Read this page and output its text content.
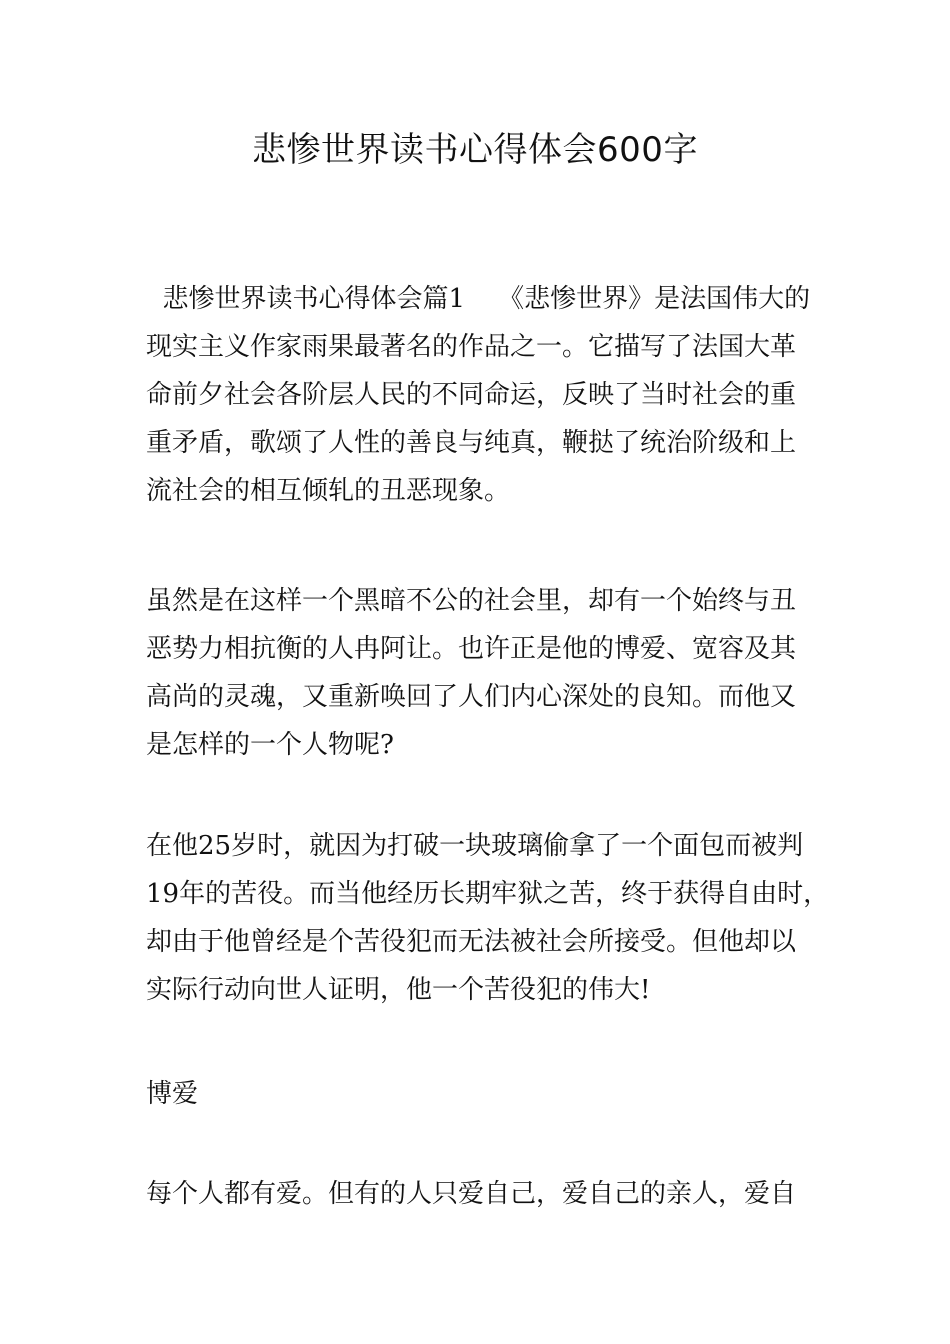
悲惨世界读书心得体会600字

悲惨世界读书心得体会篇1    《悲惨世界》是法国伟大的
现实主义作家雨果最著名的作品之一。它描写了法国大革
命前夕社会各阶层人民的不同命运，反映了当时社会的重
重矛盾，歌颂了人性的善良与纯真，鞭挞了统治阶级和上
流社会的相互倾轧的丑恶现象。

虽然是在这样一个黑暗不公的社会里，却有一个始终与丑
恶势力相抗衡的人冉阿让。也许正是他的博爱、宽容及其
高尚的灵魂，又重新唤回了人们内心深处的良知。而他又
是怎样的一个人物呢?

在他25岁时，就因为打破一块玻璃偷拿了一个面包而被判
19年的苦役。而当他经历长期牢狱之苦，终于获得自由时，
却由于他曾经是个苦役犯而无法被社会所接受。但他却以
实际行动向世人证明，他一个苦役犯的伟大!

博爱

每个人都有爱。但有的人只爱自己，爱自己的亲人，爱自
